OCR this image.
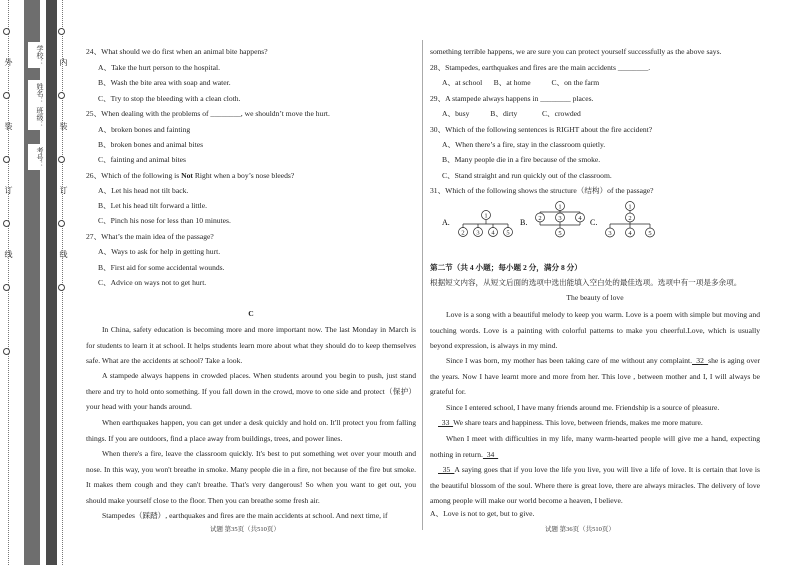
外
装
订
线
内
装
订
线
学校：
姓名：
班级：
考号：

24、What should we do first when an animal bite happens?

A、Take the hurt person to the hospital.

B、Wash the bite area with soap and water.

C、Try to stop the bleeding with a clean cloth.

25、When dealing with the problems of ________, we shouldn’t move the hurt.

A、broken bones and fainting

B、broken bones and animal bites

C、fainting and animal bites

26、Which of the following is Not Right when a boy’s nose bleeds?

A、Let his head not tilt back.

B、Let his head tilt forward a little.

C、Pinch his nose for less than 10 minutes.

27、What’s the main idea of the passage?

A、Ways to ask for help in getting hurt.

B、First aid for some accidental wounds.

C、Advice on ways not to get hurt.

C

In China, safety education is becoming more and more important now. The last Monday in March is for students to learn it at school. It helps students learn more about what they should do to keep themselves safe. What are the accidents at school? Take a look.

A stampede always happens in crowded places. When students around you begin to push, just stand there and try to hold onto something. If you fall down in the crowd, move to one side and protect（保护）your head with your hands around.

When earthquakes happen, you can get under a desk quickly and hold on. It'll protect you from falling things. If you are outdoors, find a place away from buildings, trees, and power lines.

When there's a fire, leave the classroom quickly. It's best to put something wet over your mouth and nose. In this way, you won't breathe in smoke. Many people die in a fire, not because of the fire but smoke. It makes them cough and they can't breathe. That's very dangerous! So when you want to get out, you should make yourself close to the floor. Then you can breathe some fresh air.

Stampedes（踩踏）, earthquakes and fires are the main accidents at school. And next time, if

试题 第35页（共510页）

something terrible happens, we are sure you can protect yourself successfully as the above says.

28、Stampedes, earthquakes and fires are the main accidents ________.

A、at school      B、at home           C、on the farm

29、A stampede always happens in ________ places.

A、busy           B、dirty             C、crowded

30、Which of the following sentences is RIGHT about the fire accident?

A、When there’s a fire, stay in the classroom quietly.

B、Many people die in a fire because of the smoke.

C、Stand straight and run quickly out of the classroom.

31、Which of the following shows the structure（结构）of the passage?

A.
1
2 3 4 5
B.
1
2	3	4
5
C.
1
2
3	4	5

第二节（共 4 小题；每小题 2 分，满分 8 分）

根据短文内容，从短文后面的选项中选出能填入空白处的最佳选项。选项中有一项是多余项。

The beauty of love

Love is a song with a beautiful melody to keep you warm. Love is a poem with simple but moving and touching words. Love is a painting with colorful patterns to make you cheerful.Love, which is usually beyond expression, is always in my mind.

Since I was born, my mother has been taking care of me without any complaint.  32  she is aging over the years. Now I have learnt more and more from her. This love , between mother and I, I will always be grateful for.

Since I entered school, I have many friends around me. Friendship is a source of pleasure.

33  We share tears and happiness. This love, between friends, makes me more mature.

When I meet with difficulties in my life, many warm-hearted people will give me a hand, expecting nothing in return.  34

35  A saying goes that if you love the life you live, you will live a life of love. It is certain that love is the beautiful blossom of the soul. Where there is great love, there are always miracles. The delivery of love among people will make our world become a heaven, I believe.

A、Love is not to get, but to give.

试题 第36页（共510页）
